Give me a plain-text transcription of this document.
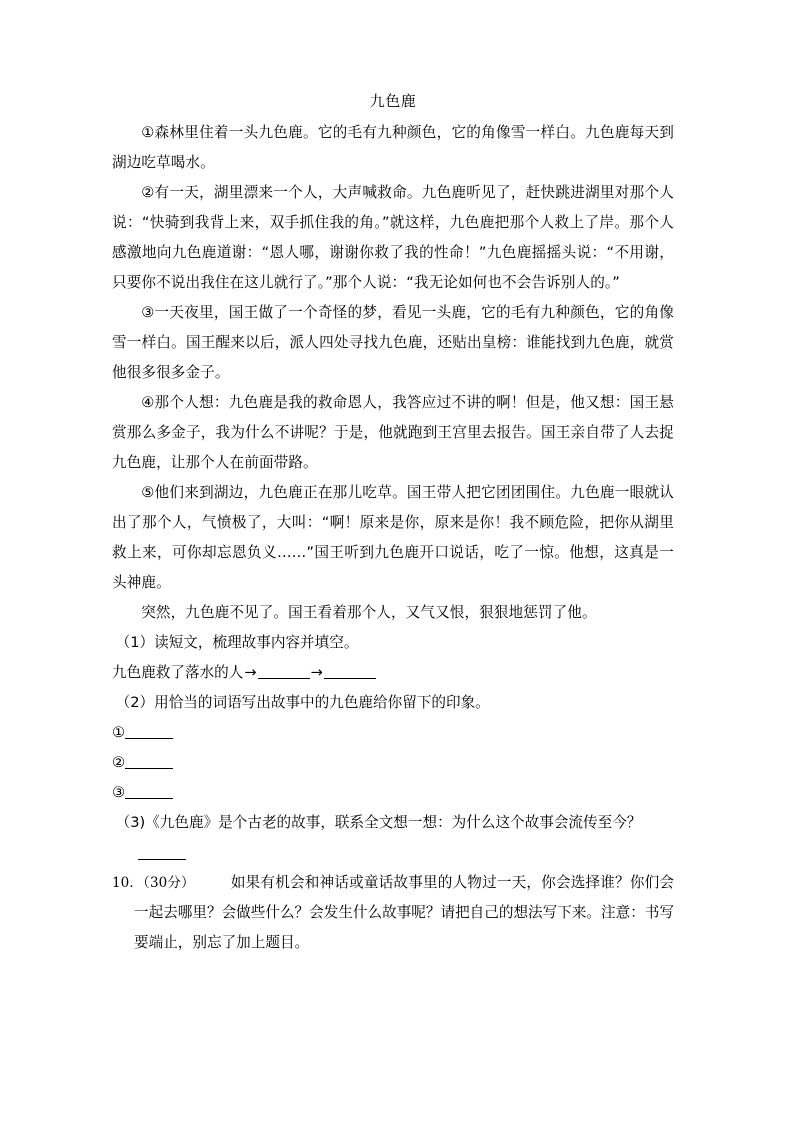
九色鹿

①森林里住着一头九色鹿。它的毛有九种颜色，它的角像雪一样白。九色鹿每天到湖边吃草喝水。

②有一天，湖里漂来一个人，大声喊救命。九色鹿听见了，赶快跳进湖里对那个人说：“快骑到我背上来，双手抓住我的角。”就这样，九色鹿把那个人救上了岸。那个人感激地向九色鹿道谢：“恩人哪，谢谢你救了我的性命！”九色鹿摇摇头说：“不用谢，只要你不说出我住在这儿就行了。”那个人说：“我无论如何也不会告诉别人的。”

③一天夜里，国王做了一个奇怪的梦，看见一头鹿，它的毛有九种颜色，它的角像雪一样白。国王醒来以后，派人四处寻找九色鹿，还贴出皇榜：谁能找到九色鹿，就赏他很多很多金子。

④那个人想：九色鹿是我的救命恩人，我答应过不讲的啊！但是，他又想：国王悬赏那么多金子，我为什么不讲呢？于是，他就跑到王宫里去报告。国王亲自带了人去捉九色鹿，让那个人在前面带路。

⑤他们来到湖边，九色鹿正在那儿吃草。国王带人把它团团围住。九色鹿一眼就认出了那个人，气愤极了，大叫：“啊！原来是你，原来是你！我不顾危险，把你从湖里救上来，可你却忘恩负义……”国王听到九色鹿开口说话，吃了一惊。他想，这真是一头神鹿。

突然，九色鹿不见了。国王看着那个人，又气又恨，狠狠地惩罚了他。

（1）读短文，梳理故事内容并填空。

九色鹿救了落水的人→	→

（2）用恰当的词语写出故事中的九色鹿给你留下的印象。

①

②

③

（3)《九色鹿》是个古老的故事，联系全文想一想：为什么这个故事会流传至今？

10．（30分） 如果有机会和神话或童话故事里的人物过一天，你会选择谁？你们会一起去哪里？会做些什么？会发生什么故事呢？请把自己的想法写下来。注意：书写要端止，别忘了加上题目。
